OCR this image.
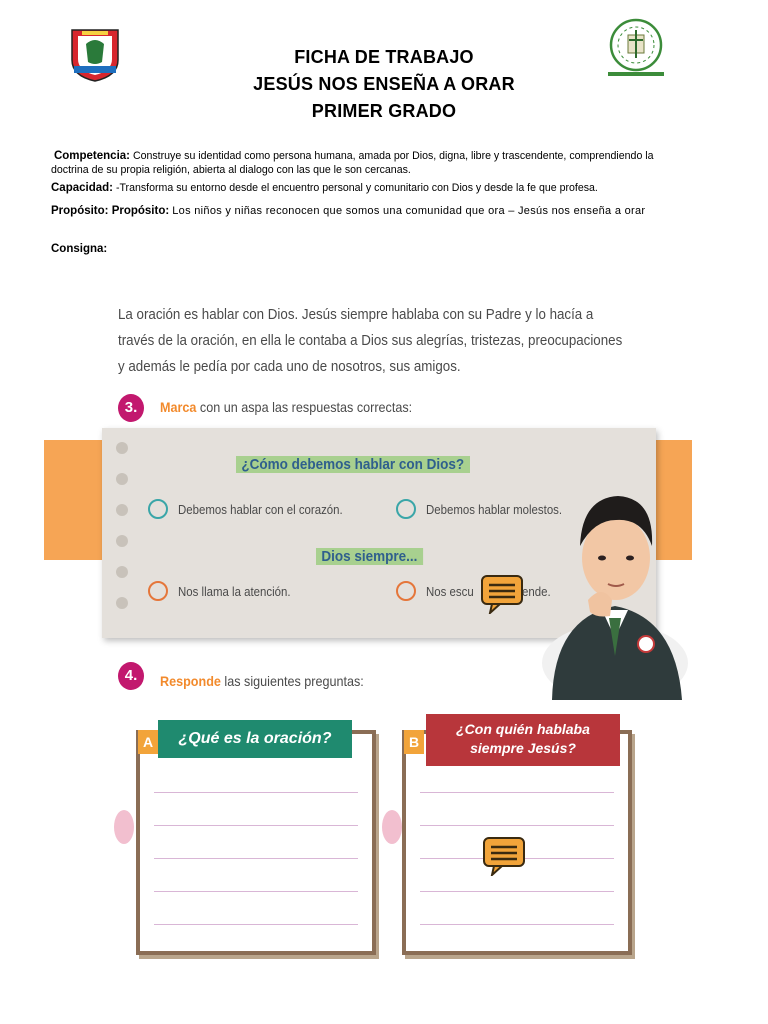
FICHA DE TRABAJO
JESÚS NOS ENSEÑA A ORAR
PRIMER GRADO
Competencia: Construye su identidad como persona humana, amada por Dios, digna, libre y trascendente, comprendiendo la doctrina de su propia religión, abierta al dialogo con las que le son cercanas.
Capacidad: -Transforma su entorno desde el encuentro personal y comunitario con Dios y desde la fe que profesa.
Propósito: Propósito: Los niños y niñas reconocen que somos una comunidad que ora – Jesús nos enseña a orar
Consigna:
La oración es hablar con Dios. Jesús siempre hablaba con su Padre y lo hacía a través de la oración, en ella le contaba a Dios sus alegrías, tristezas, preocupaciones y además le pedía por cada uno de nosotros, sus amigos.
3.	Marca con un aspa las respuestas correctas:
¿Cómo debemos hablar con Dios?
Debemos hablar con el corazón.	Debemos hablar molestos.
Dios siempre...
Nos llama la atención.	Nos escu	ende.
4.	Responde las siguientes preguntas:
A	¿Qué es la oración?	B
¿Con quién hablaba
siempre Jesús?
